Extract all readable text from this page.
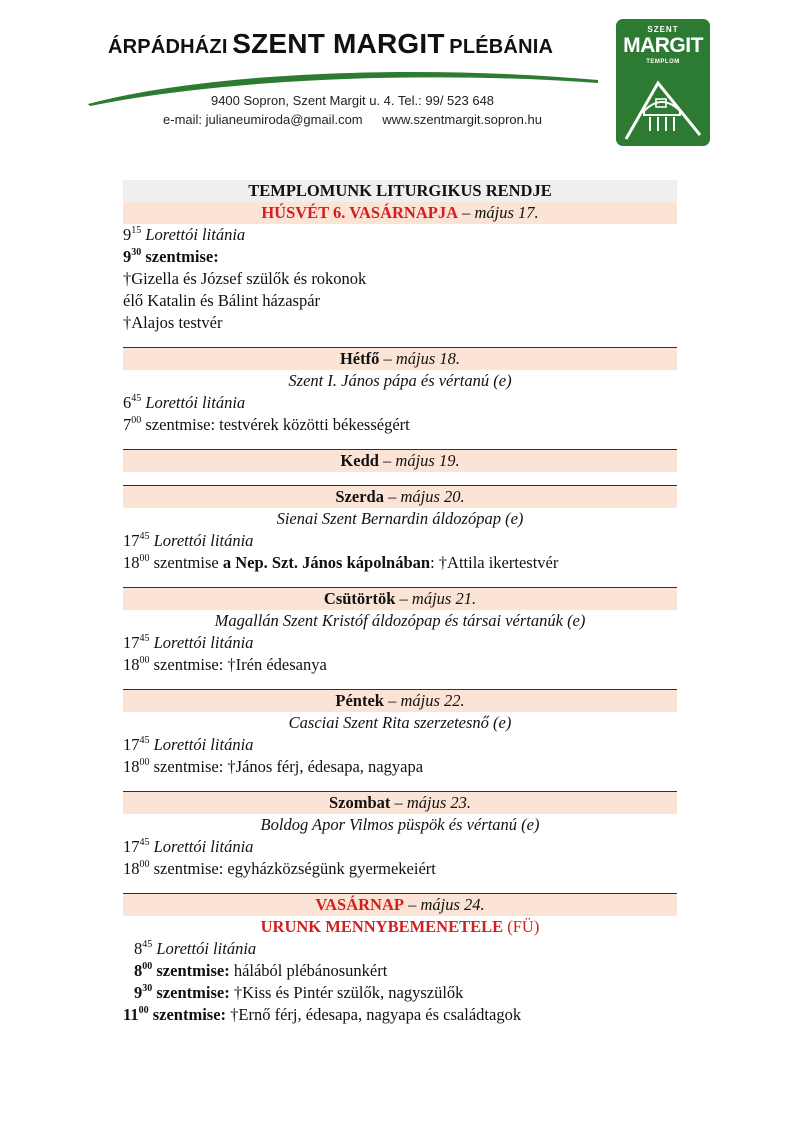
ÁRPÁDHÁZI SZENT MARGIT PLÉBÁNIA
9400 Sopron, Szent Margit u. 4. Tel.: 99/ 523 648
e-mail: julianeumiroda@gmail.com www.szentmargit.sopron.hu
SZENT
MARGIT
TEMPLOM
TEMPLOMUNK LITURGIKUS RENDJE
HÚSVÉT 6. VASÁRNAPJA – május 17.
$9^{15}$ Lorettói litánia
$9^{30}$ szentmise:
†Gizella és József szülők és rokonok
élő Katalin és Bálint házaspár
†Alajos testvér
Hétfő – május 18.
Szent I. János pápa és vértanú (e)
$6^{45}$ Lorettói litánia
$7^{00}$ szentmise: testvérek közötti békességért
Kedd – május 19.
Szerda – május 20.
Sienai Szent Bernardin áldozópap (e)
$17^{45}$ Lorettói litánia
$18^{00}$ szentmise a Nep. Szt. János kápolnában: †Attila ikertestvér
Csütörtök – május 21.
Magallán Szent Kristóf áldozópap és társai vértanúk (e)
$17^{45}$ Lorettói litánia
$18^{00}$ szentmise: †Irén édesanya
Péntek – május 22.
Casciai Szent Rita szerzetesnő (e)
$17^{45}$ Lorettói litánia
$18^{00}$ szentmise: †János férj, édesapa, nagyapa
Szombat – május 23.
Boldog Apor Vilmos püspök és vértanú (e)
$17^{45}$ Lorettói litánia
$18^{00}$ szentmise: egyházközségünk gyermekeiért
VASÁRNAP – május 24.
URUNK MENNYBEMENETELE (FÜ)
$8^{45}$ Lorettói litánia
$8^{00}$ szentmise: hálából plébánosunkért
$9^{30}$ szentmise: †Kiss és Pintér szülők, nagyszülők
$11^{00}$ szentmise: †Ernő férj, édesapa, nagyapa és családtagok
